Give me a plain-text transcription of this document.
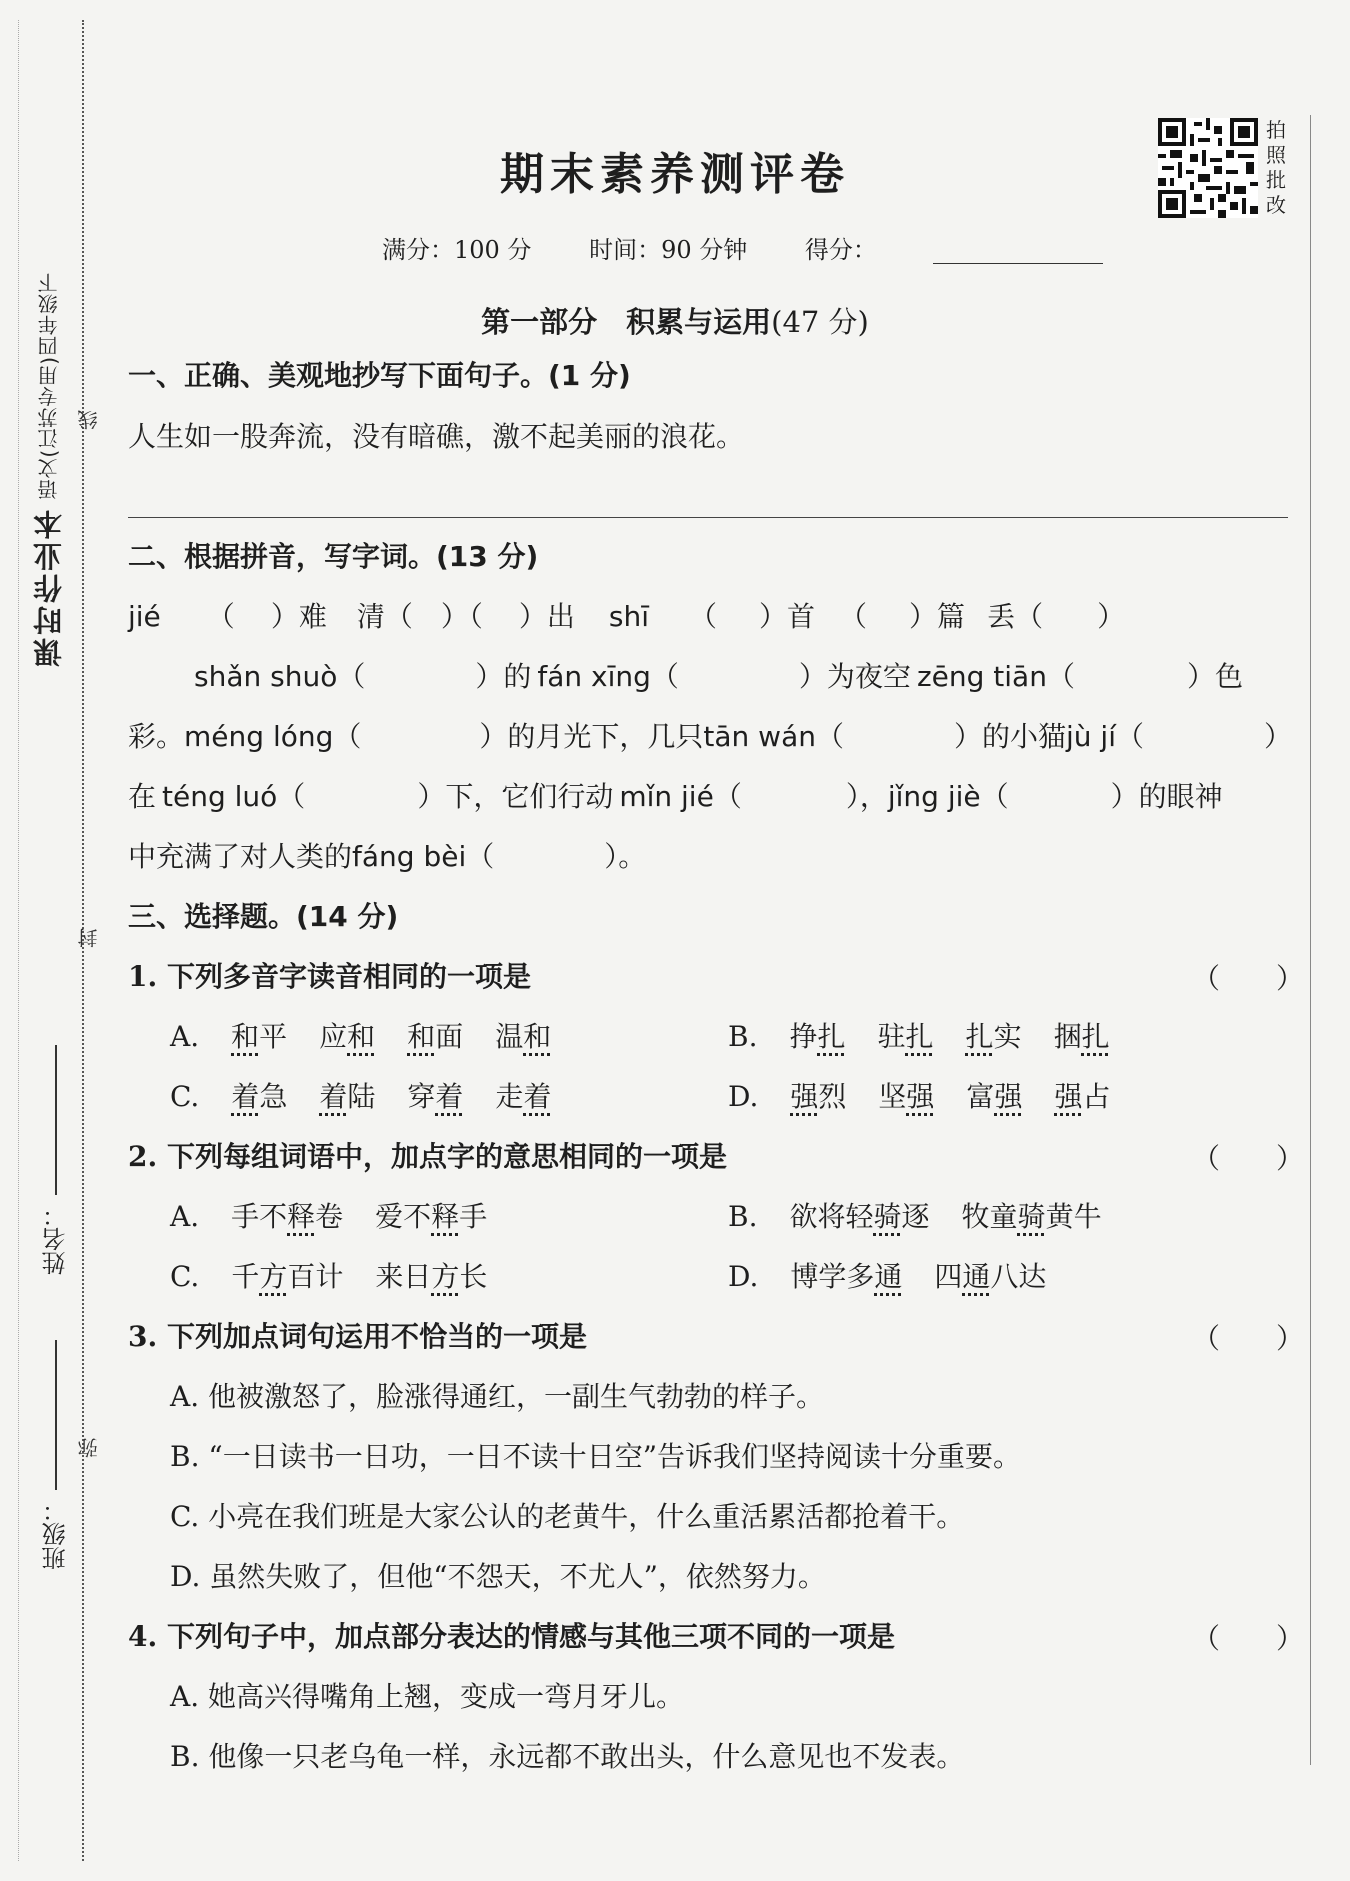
课时作业本 语文(江苏专用)四年级下
姓名：
班级：
线
封
弥
期末素养测评卷
拍照批改
满分：100 分 时间：90 分钟 得分：
第一部分　积累与运用(47 分)
一、正确、美观地抄写下面句子。(1 分)
人生如一股奔流，没有暗礁，激不起美丽的浪花。
二、根据拼音，写字词。(13 分)
jié （ ）难 清（ ）（ ）出 shī （ ）首 （ ）篇 丢（ ）
shǎn shuò（	）的 fán xīng（	）为夜空 zēng tiān（	）色
彩。méng lóng（	）的月光下，几只tān wán（	）的小猫jù jí（	）
在 téng luó（	）下，它们行动 mǐn jié（	），jǐng jiè（	）的眼神
中充满了对人类的fáng bèi（	）。
三、选择题。(14 分)
1. 下列多音字读音相同的一项是	（　　）
A. 和平 应和 和面 温和	B. 挣扎 驻扎 扎实 捆扎
C. 着急 着陆 穿着 走着	D. 强烈 坚强 富强 强占
2. 下列每组词语中，加点字的意思相同的一项是	（　　）
A. 手不释卷 爱不释手	B. 欲将轻骑逐 牧童骑黄牛
C. 千方百计 来日方长	D. 博学多通 四通八达
3. 下列加点词句运用不恰当的一项是	（　　）
A. 他被激怒了，脸涨得通红，一副生气勃勃的样子。
B. “一日读书一日功，一日不读十日空”告诉我们坚持阅读十分重要。
C. 小亮在我们班是大家公认的老黄牛，什么重活累活都抢着干。
D. 虽然失败了，但他“不怨天，不尤人”，依然努力。
4. 下列句子中，加点部分表达的情感与其他三项不同的一项是	（　　）
A. 她高兴得嘴角上翘，变成一弯月牙儿。
B. 他像一只老乌龟一样，永远都不敢出头，什么意见也不发表。
